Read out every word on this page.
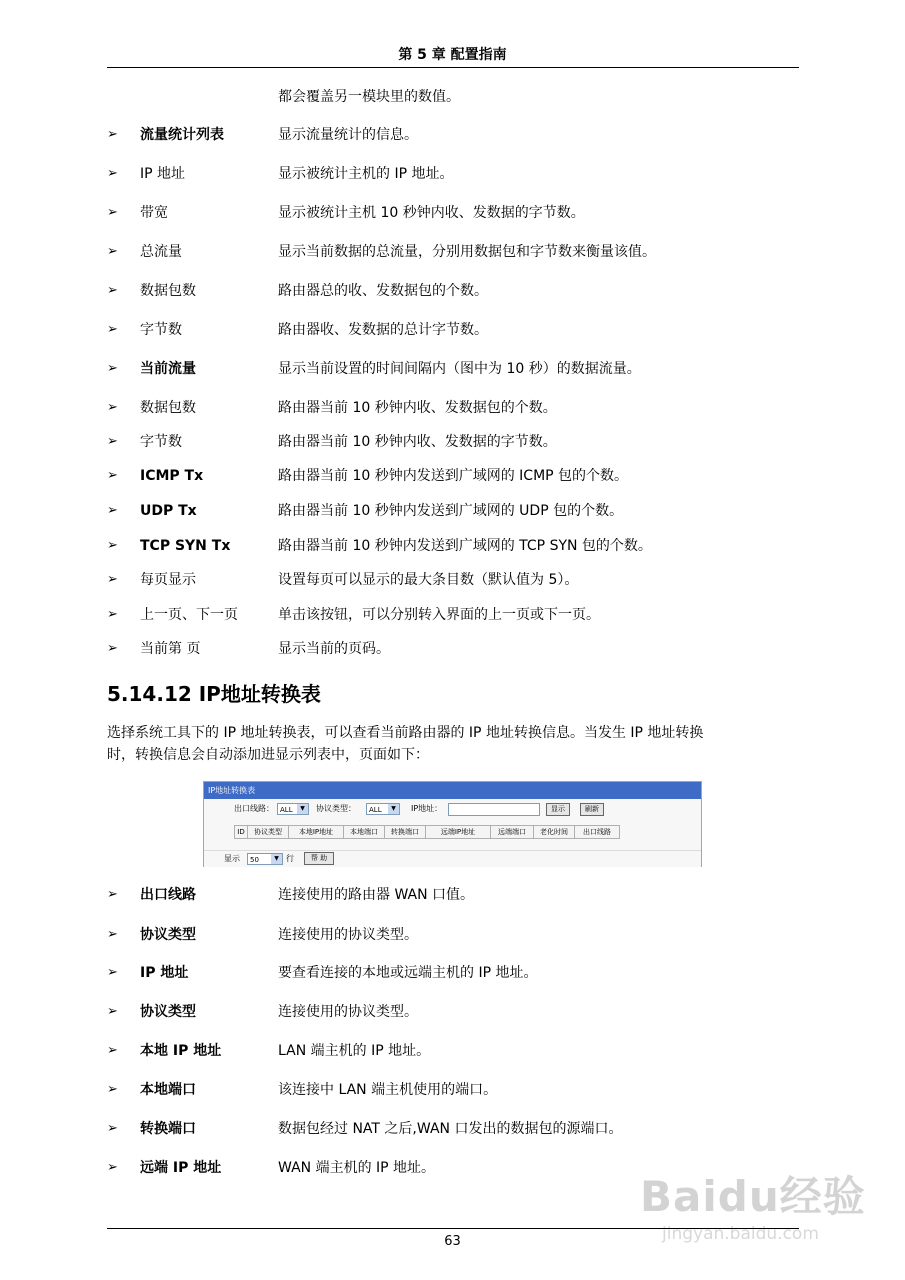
第 5 章 配置指南
都会覆盖另一模块里的数值。
➢ 流量统计列表	显示流量统计的信息。
➢ IP 地址	显示被统计主机的 IP 地址。
➢ 带宽	显示被统计主机 10 秒钟内收、发数据的字节数。
➢ 总流量	显示当前数据的总流量，分别用数据包和字节数来衡量该值。
➢ 数据包数	路由器总的收、发数据包的个数。
➢ 字节数	路由器收、发数据的总计字节数。
➢ 当前流量	显示当前设置的时间间隔内（图中为 10 秒）的数据流量。
➢ 数据包数	路由器当前 10 秒钟内收、发数据包的个数。
➢ 字节数	路由器当前 10 秒钟内收、发数据的字节数。
➢ ICMP Tx	路由器当前 10 秒钟内发送到广域网的 ICMP 包的个数。
➢ UDP Tx	路由器当前 10 秒钟内发送到广域网的 UDP 包的个数。
➢ TCP SYN Tx	路由器当前 10 秒钟内发送到广域网的 TCP SYN 包的个数。
➢ 每页显示	设置每页可以显示的最大条目数（默认值为 5）。
➢ 上一页、下一页	单击该按钮，可以分别转入界面的上一页或下一页。
➢ 当前第 页	显示当前的页码。
5.14.12 IP地址转换表
选择系统工具下的 IP 地址转换表，可以查看当前路由器的 IP 地址转换信息。当发生 IP 地址转换
时，转换信息会自动添加进显示列表中，页面如下：
IP地址转换表
出口线路： ALL	▼	协议类型：	ALL	▼	IP地址：	显示	刷新
ID	协议类型	本地IP地址	本地端口	转换端口	远端IP地址	远端端口	老化时间	出口线路
显示	50	▼ 行	帮 助
➢ 出口线路	连接使用的路由器 WAN 口值。
➢ 协议类型	连接使用的协议类型。
➢ IP 地址	要查看连接的本地或远端主机的 IP 地址。
➢ 协议类型	连接使用的协议类型。
➢ 本地 IP 地址	LAN 端主机的 IP 地址。
➢ 本地端口	该连接中 LAN 端主机使用的端口。
➢ 转换端口	数据包经过 NAT 之后,WAN 口发出的数据包的源端口。
➢ 远端 IP 地址	WAN 端主机的 IP 地址。
Baidu经验
jingyan.baidu.com
63
